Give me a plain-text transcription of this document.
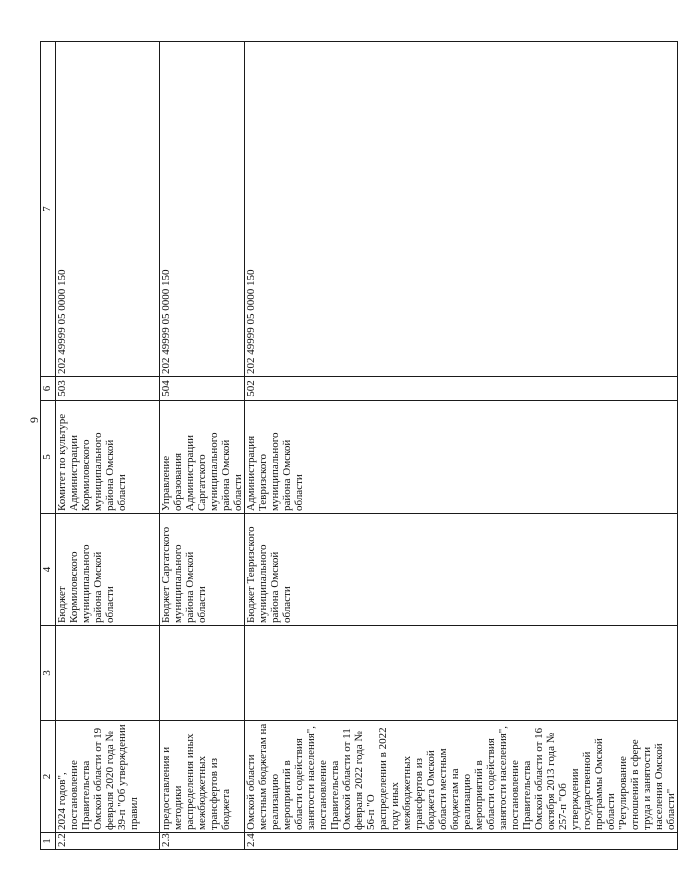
9
1	2	3	4	5	6	7
2.2	2024 годов", постановление Правительства Омской области от 19 февраля 2020 года № 39-п "Об утверждении правил		Бюджет Кормиловского муниципального района Омской области	Комитет по культуре Администрации Кормиловского муниципального района Омской области	503	202 49999 05 0000 150
2.3	предоставления и методики распределения иных межбюджетных трансфертов из бюджета		Бюджет Саргатского муниципального района Омской области	Управление образования Администрации Саргатского муниципального района Омской области	504	202 49999 05 0000 150
2.4	Омской области местным бюджетам на реализацию мероприятий в области содействия занятости населения", постановление Правительства Омской области от 11 февраля 2022 года № 56-п "О распределении в 2022 году иных межбюджетных трансфертов из бюджета Омской области местным бюджетам на реализацию мероприятий в области содействия занятости населения", постановление Правительства Омской области от 16 октября 2013 года № 257-п "Об утверждении государственной программы Омской области "Регулирование отношений в сфере труда и занятости населения Омской области"		Бюджет Тевризского муниципального района Омской области	Администрация Тевризского муниципального района Омской области	502	202 49999 05 0000 150
